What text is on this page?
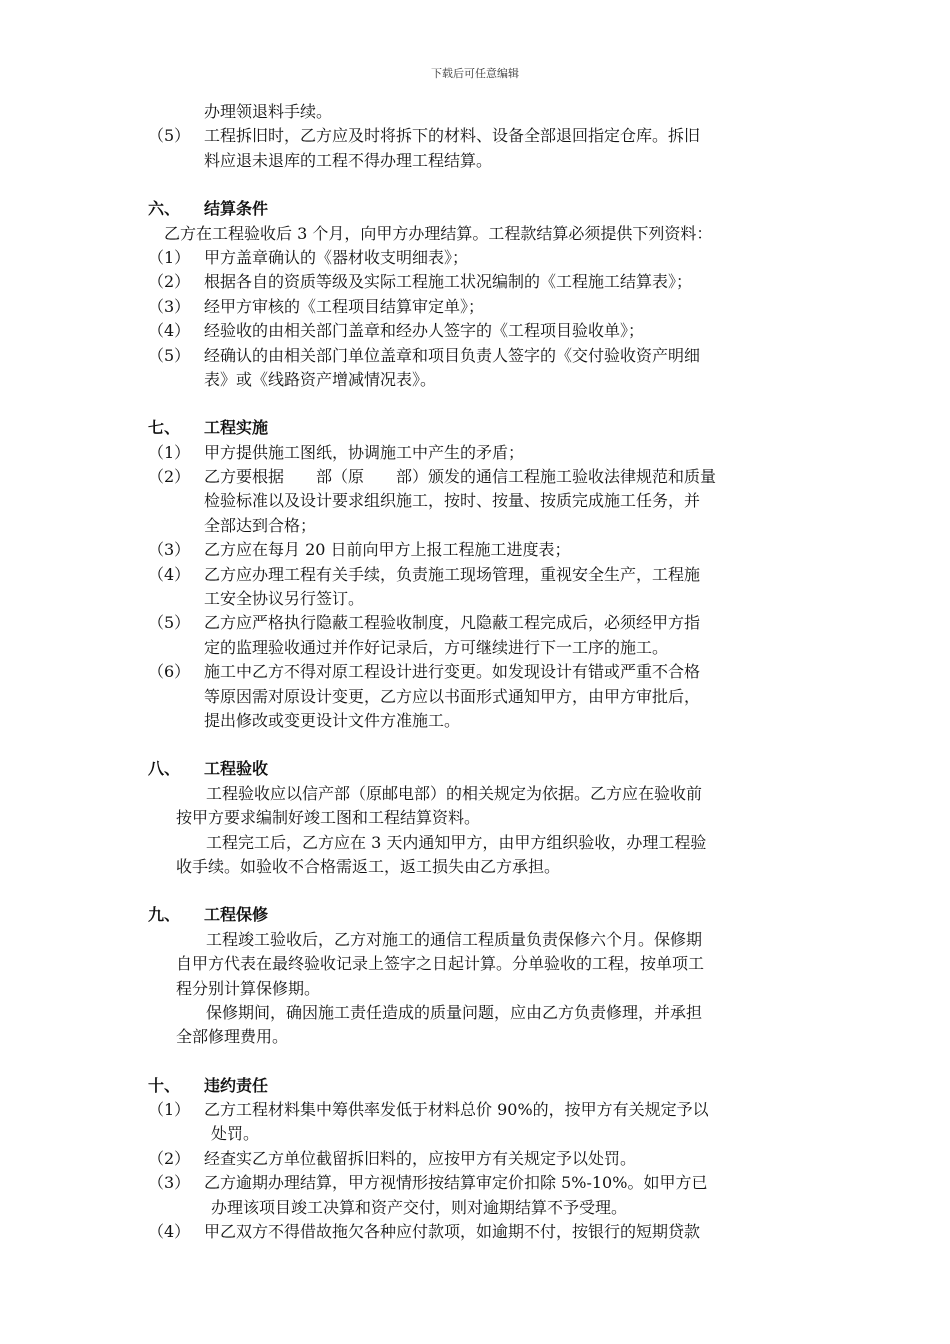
下载后可任意编辑
办理领退料手续。
（5） 工程拆旧时，乙方应及时将拆下的材料、设备全部退回指定仓库。拆旧
料应退未退库的工程不得办理工程结算。
六、 结算条件
乙方在工程验收后 3 个月，向甲方办理结算。工程款结算必须提供下列资料：
（1） 甲方盖章确认的《器材收支明细表》；
（2） 根据各自的资质等级及实际工程施工状况编制的《工程施工结算表》；
（3） 经甲方审核的《工程项目结算审定单》；
（4） 经验收的由相关部门盖章和经办人签字的《工程项目验收单》；
（5） 经确认的由相关部门单位盖章和项目负责人签字的《交付验收资产明细
表》或《线路资产增减情况表》。
七、 工程实施
（1） 甲方提供施工图纸，协调施工中产生的矛盾；
（2） 乙方要根据　　部（原　　部）颁发的通信工程施工验收法律规范和质量
检验标准以及设计要求组织施工，按时、按量、按质完成施工任务，并
全部达到合格；
（3） 乙方应在每月 20 日前向甲方上报工程施工进度表；
（4） 乙方应办理工程有关手续，负责施工现场管理，重视安全生产，工程施
工安全协议另行签订。
（5） 乙方应严格执行隐蔽工程验收制度，凡隐蔽工程完成后，必须经甲方指
定的监理验收通过并作好记录后，方可继续进行下一工序的施工。
（6） 施工中乙方不得对原工程设计进行变更。如发现设计有错或严重不合格
等原因需对原设计变更，乙方应以书面形式通知甲方，由甲方审批后，
提出修改或变更设计文件方准施工。
八、 工程验收
工程验收应以信产部（原邮电部）的相关规定为依据。乙方应在验收前
按甲方要求编制好竣工图和工程结算资料。
工程完工后，乙方应在 3 天内通知甲方，由甲方组织验收，办理工程验
收手续。如验收不合格需返工，返工损失由乙方承担。
九、 工程保修
工程竣工验收后，乙方对施工的通信工程质量负责保修六个月。保修期
自甲方代表在最终验收记录上签字之日起计算。分单验收的工程，按单项工
程分别计算保修期。
保修期间，确因施工责任造成的质量问题，应由乙方负责修理，并承担
全部修理费用。
十、 违约责任
（1） 乙方工程材料集中筹供率发低于材料总价 90%的，按甲方有关规定予以
处罚。
（2） 经查实乙方单位截留拆旧料的，应按甲方有关规定予以处罚。
（3） 乙方逾期办理结算，甲方视情形按结算审定价扣除 5%-10%。如甲方已
办理该项目竣工决算和资产交付，则对逾期结算不予受理。
（4） 甲乙双方不得借故拖欠各种应付款项，如逾期不付，按银行的短期贷款
